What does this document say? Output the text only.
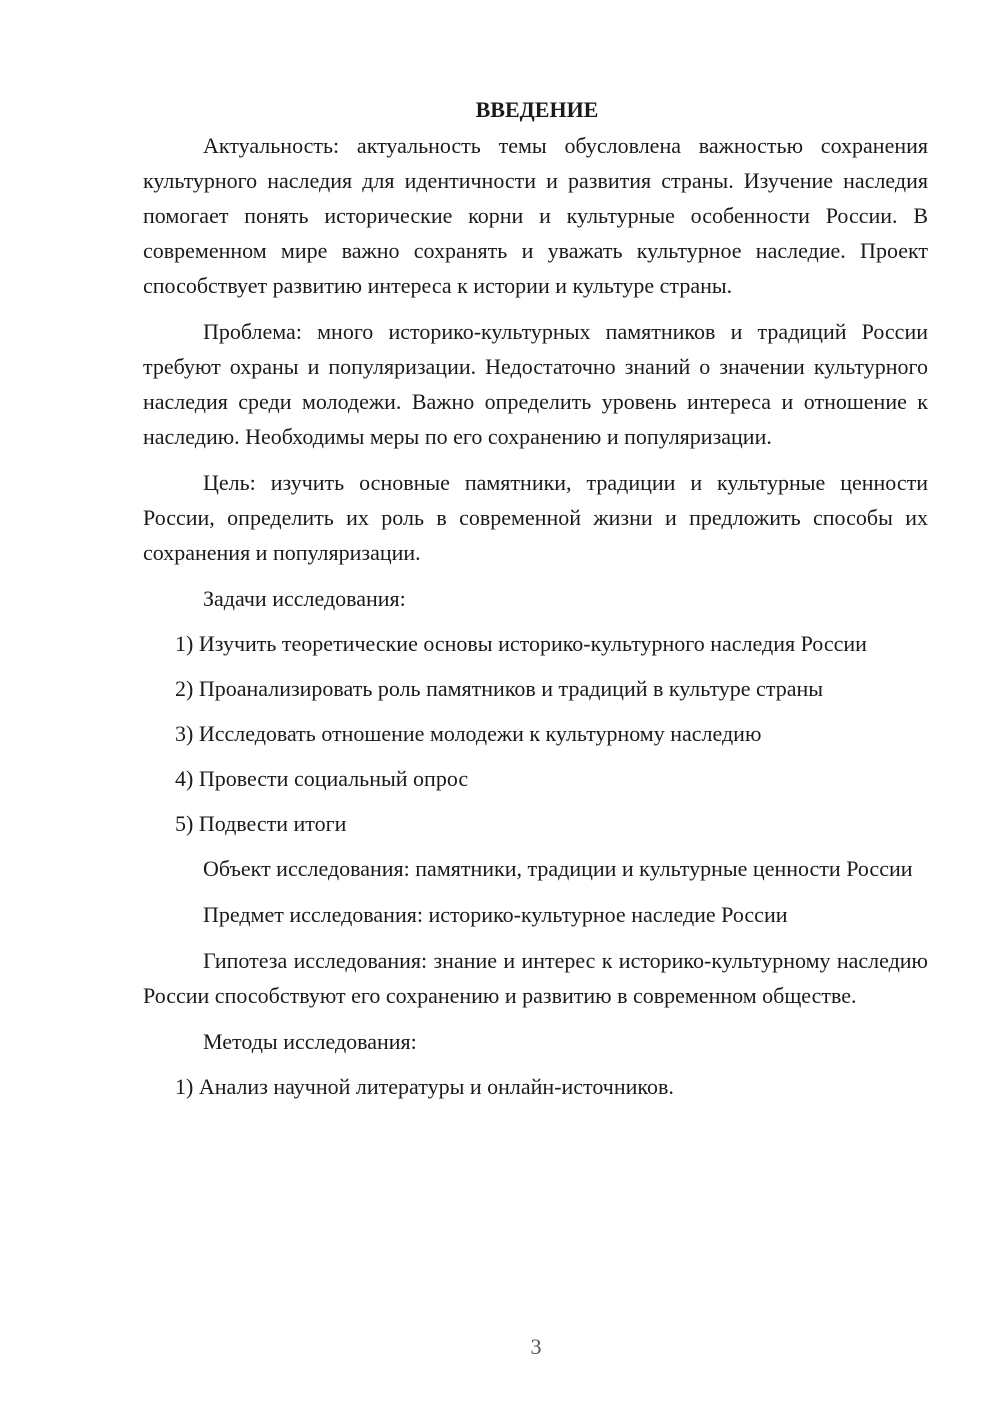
ВВЕДЕНИЕ

Актуальность: актуальность темы обусловлена важностью сохранения культурного наследия для идентичности и развития страны. Изучение наследия помогает понять исторические корни и культурные особенности России. В современном мире важно сохранять и уважать культурное наследие. Проект способствует развитию интереса к истории и культуре страны.

Проблема: много историко-культурных памятников и традиций России требуют охраны и популяризации. Недостаточно знаний о значении культурного наследия среди молодежи. Важно определить уровень интереса и отношение к наследию. Необходимы меры по его сохранению и популяризации.

Цель: изучить основные памятники, традиции и культурные ценности России, определить их роль в современной жизни и предложить способы их сохранения и популяризации.

Задачи исследования:

1) Изучить теоретические основы историко-культурного наследия России

2) Проанализировать роль памятников и традиций в культуре страны

3) Исследовать отношение молодежи к культурному наследию

4) Провести социальный опрос

5) Подвести итоги

Объект исследования: памятники, традиции и культурные ценности России

Предмет исследования: историко-культурное наследие России

Гипотеза исследования: знание и интерес к историко-культурному наследию России способствуют его сохранению и развитию в современном обществе.

Методы исследования:

1) Анализ научной литературы и онлайн-источников.

3
